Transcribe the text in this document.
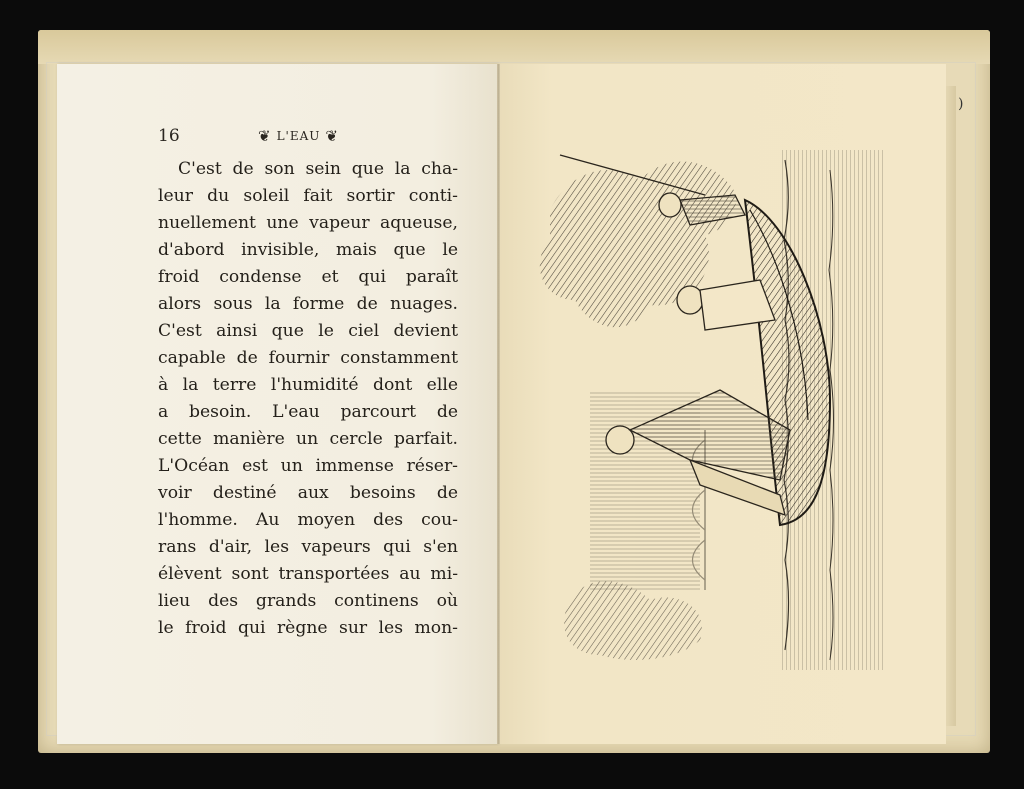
16	❦ L'EAU ❦
C'est de son sein que la cha-
leur du soleil fait sortir conti-
nuellement une vapeur aqueuse,
d'abord invisible, mais que le
froid condense et qui paraît
alors sous la forme de nuages.
C'est ainsi que le ciel devient
capable de fournir constamment
à la terre l'humidité dont elle
a besoin. L'eau parcourt de
cette manière un cercle parfait.
L'Océan est un immense réser-
voir destiné aux besoins de
l'homme. Au moyen des cou-
rans d'air, les vapeurs qui s'en
élèvent sont transportées au mi-
lieu des grands continens où
le froid qui règne sur les mon-
)
